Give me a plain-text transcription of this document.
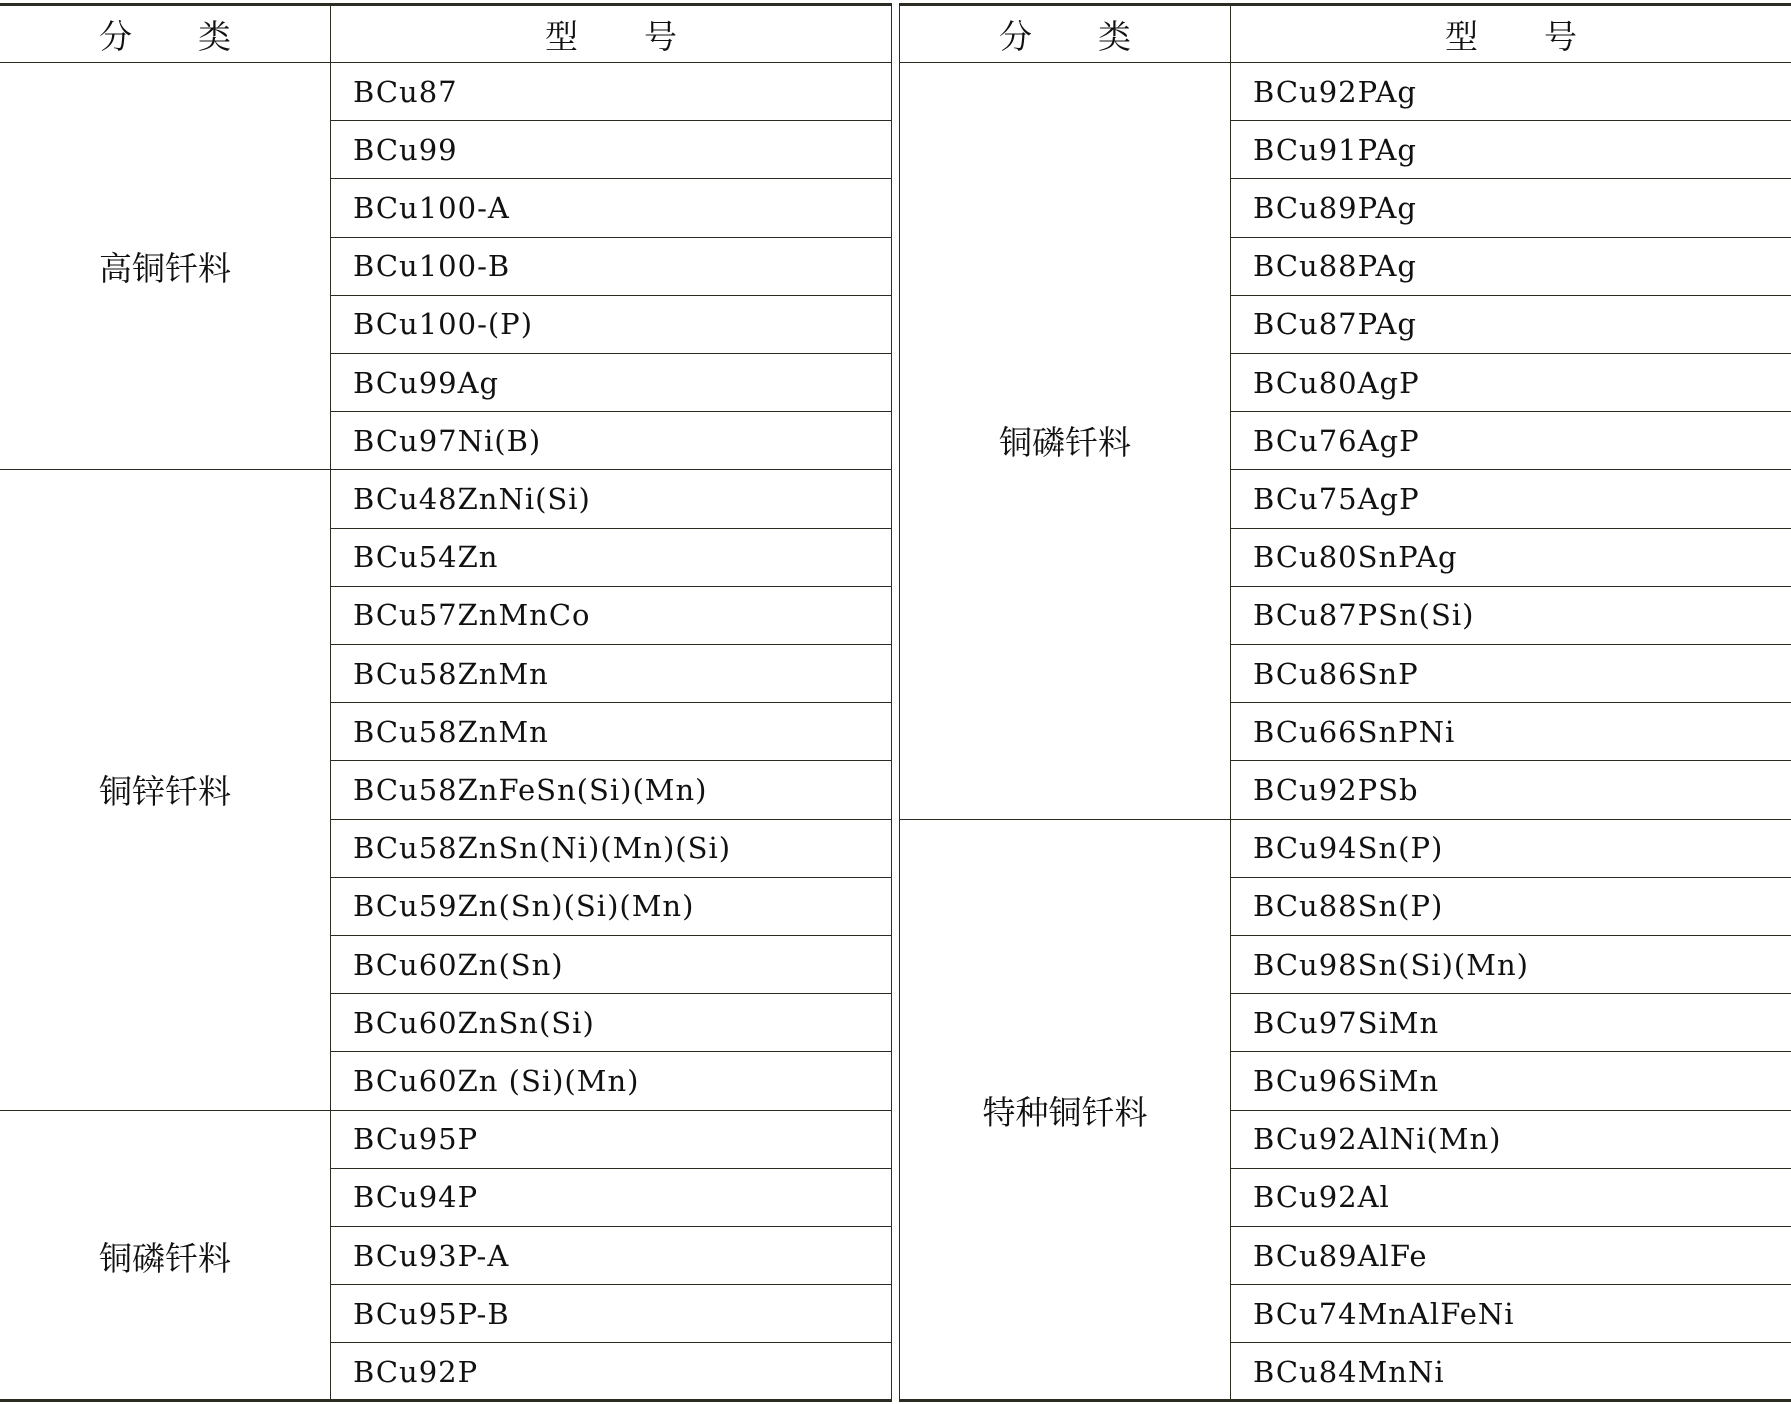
分 类	型 号
高铜钎料
BCu87
BCu99
BCu100-A
BCu100-B
BCu100-(P)
BCu99Ag
BCu97Ni(B)
铜锌钎料
BCu48ZnNi(Si)
BCu54Zn
BCu57ZnMnCo
BCu58ZnMn
BCu58ZnMn
BCu58ZnFeSn(Si)(Mn)
BCu58ZnSn(Ni)(Mn)(Si)
BCu59Zn(Sn)(Si)(Mn)
BCu60Zn(Sn)
BCu60ZnSn(Si)
BCu60Zn (Si)(Mn)
铜磷钎料
BCu95P
BCu94P
BCu93P-A
BCu95P-B
BCu92P
分 类	型 号
铜磷钎料
BCu92PAg
BCu91PAg
BCu89PAg
BCu88PAg
BCu87PAg
BCu80AgP
BCu76AgP
BCu75AgP
BCu80SnPAg
BCu87PSn(Si)
BCu86SnP
BCu66SnPNi
BCu92PSb
特种铜钎料
BCu94Sn(P)
BCu88Sn(P)
BCu98Sn(Si)(Mn)
BCu97SiMn
BCu96SiMn
BCu92AlNi(Mn)
BCu92Al
BCu89AlFe
BCu74MnAlFeNi
BCu84MnNi
